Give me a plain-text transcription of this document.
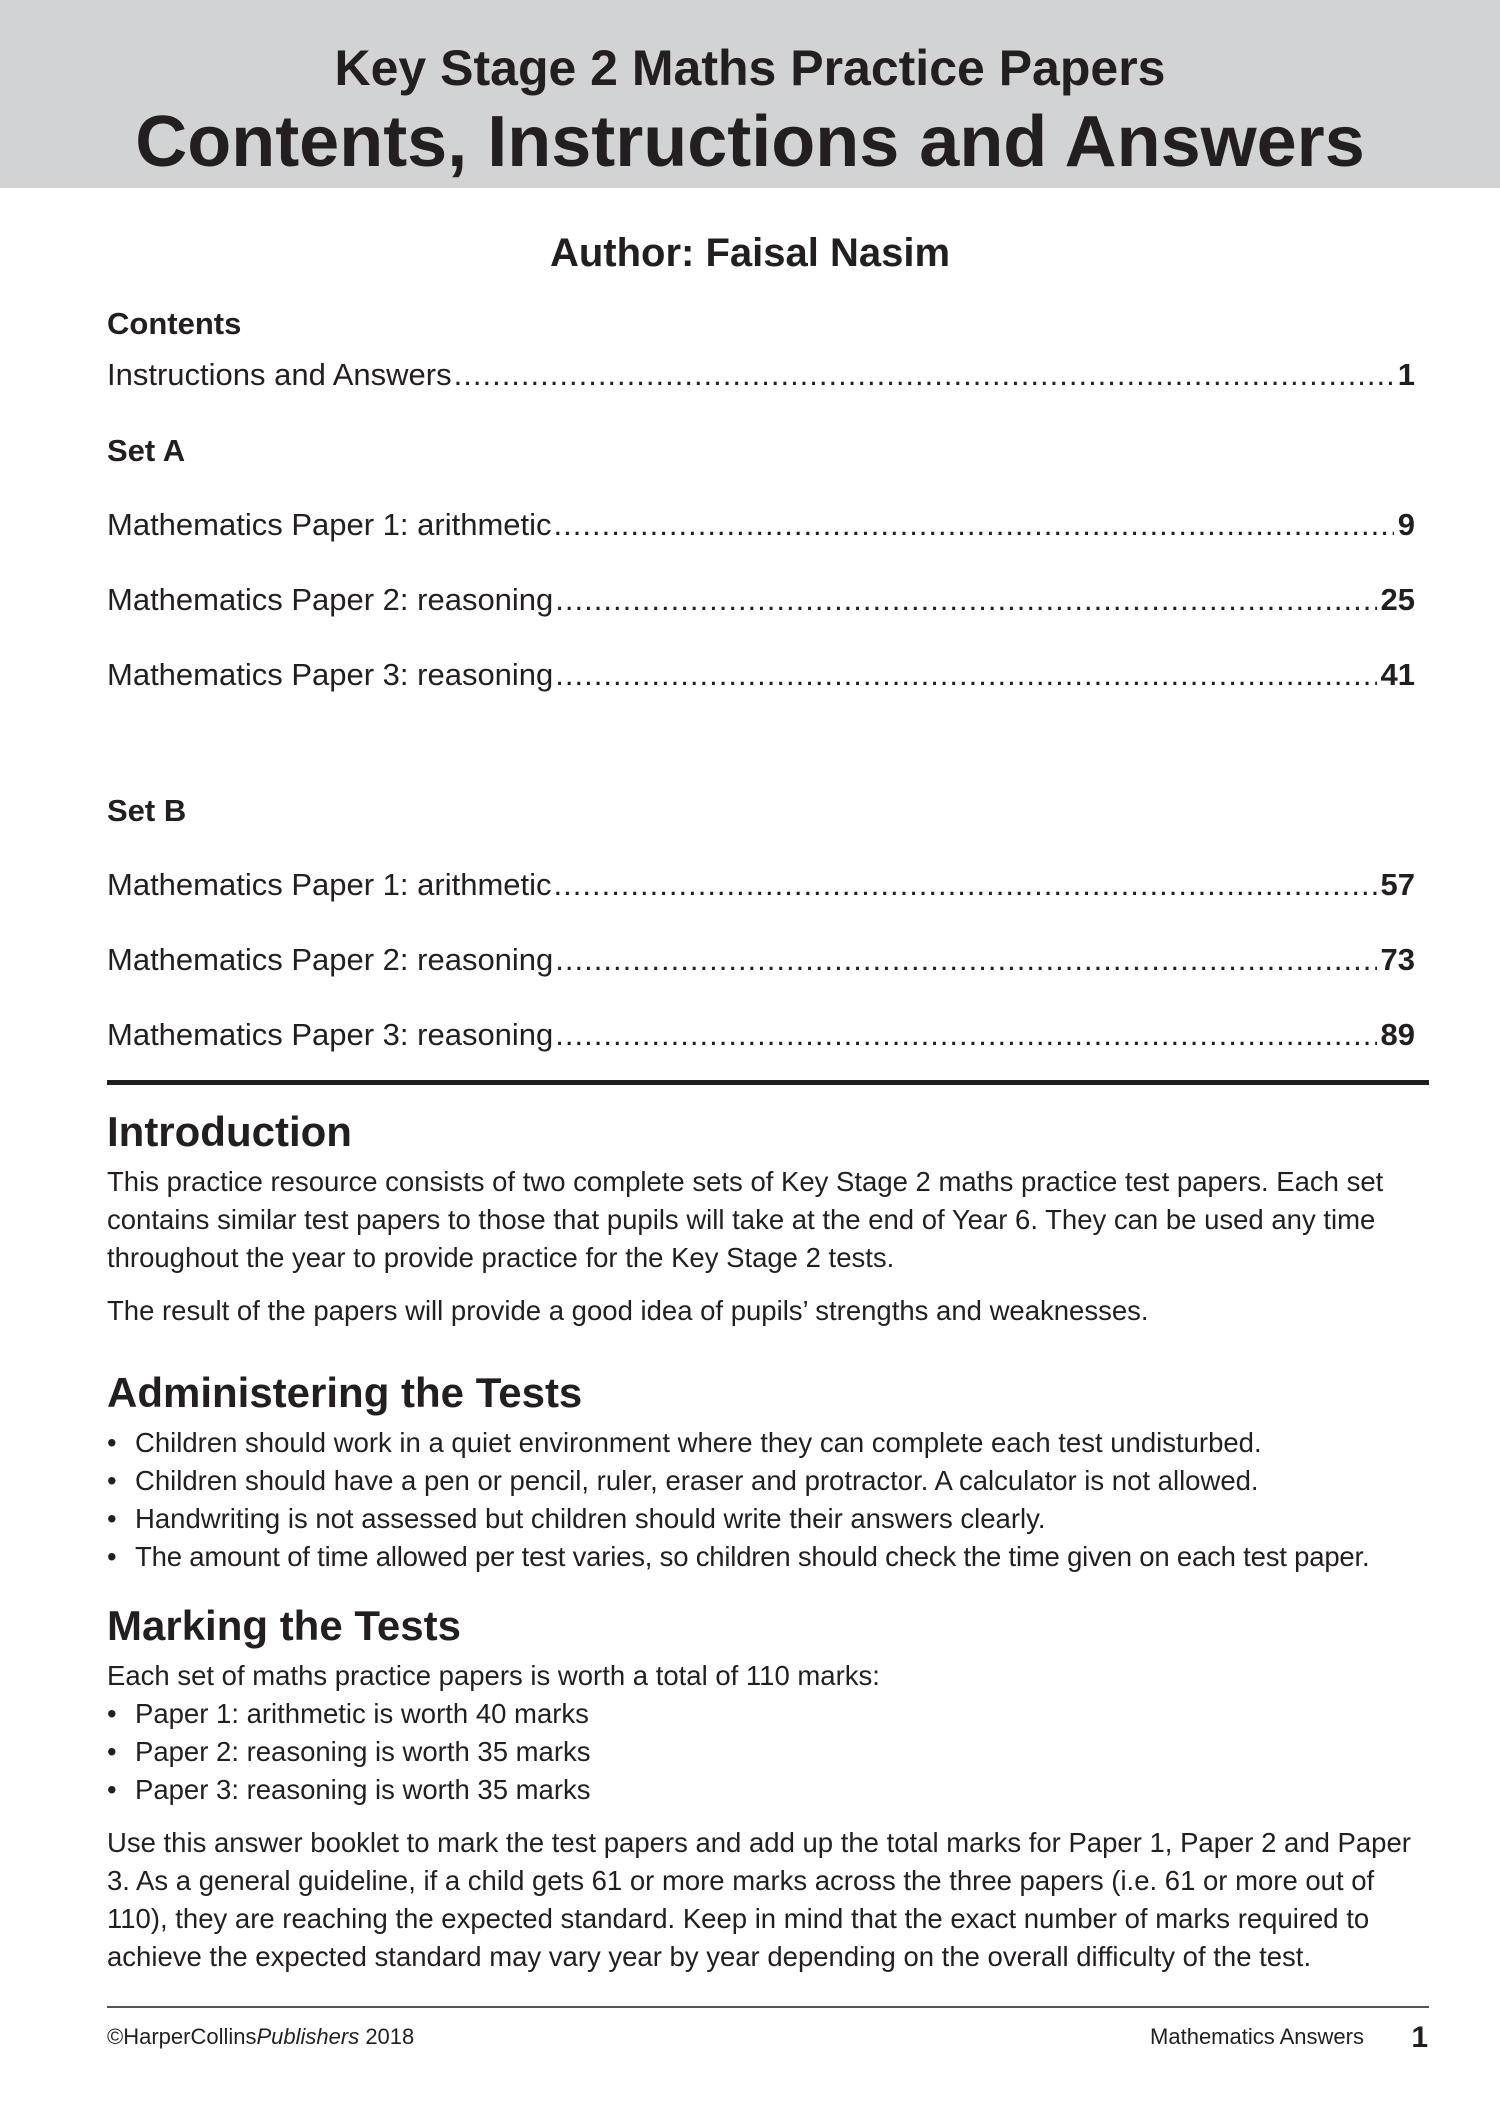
Key Stage 2 Maths Practice Papers
Contents, Instructions and Answers
Author: Faisal Nasim
Contents
Instructions and Answers .....	1
Set A
Mathematics Paper 1: arithmetic .....	9
Mathematics Paper 2: reasoning .....	25
Mathematics Paper 3: reasoning .....	41
Set B
Mathematics Paper 1: arithmetic .....	57
Mathematics Paper 2: reasoning .....	73
Mathematics Paper 3: reasoning .....	89
Introduction

This practice resource consists of two complete sets of Key Stage 2 maths practice test papers. Each set contains similar test papers to those that pupils will take at the end of Year 6. They can be used any time throughout the year to provide practice for the Key Stage 2 tests.

The result of the papers will provide a good idea of pupils’ strengths and weaknesses.

Administering the Tests
• Children should work in a quiet environment where they can complete each test undisturbed.
• Children should have a pen or pencil, ruler, eraser and protractor. A calculator is not allowed.
• Handwriting is not assessed but children should write their answers clearly.
• The amount of time allowed per test varies, so children should check the time given on each test paper.
Marking the Tests

Each set of maths practice papers is worth a total of 110 marks:

• Paper 1: arithmetic is worth 40 marks
• Paper 2: reasoning is worth 35 marks
• Paper 3: reasoning is worth 35 marks

Use this answer booklet to mark the test papers and add up the total marks for Paper 1, Paper 2 and Paper 3. As a general guideline, if a child gets 61 or more marks across the three papers (i.e. 61 or more out of 110), they are reaching the expected standard. Keep in mind that the exact number of marks required to achieve the expected standard may vary year by year depending on the overall difficulty of the test.

©HarperCollinsPublishers 2018	Mathematics Answers 1
